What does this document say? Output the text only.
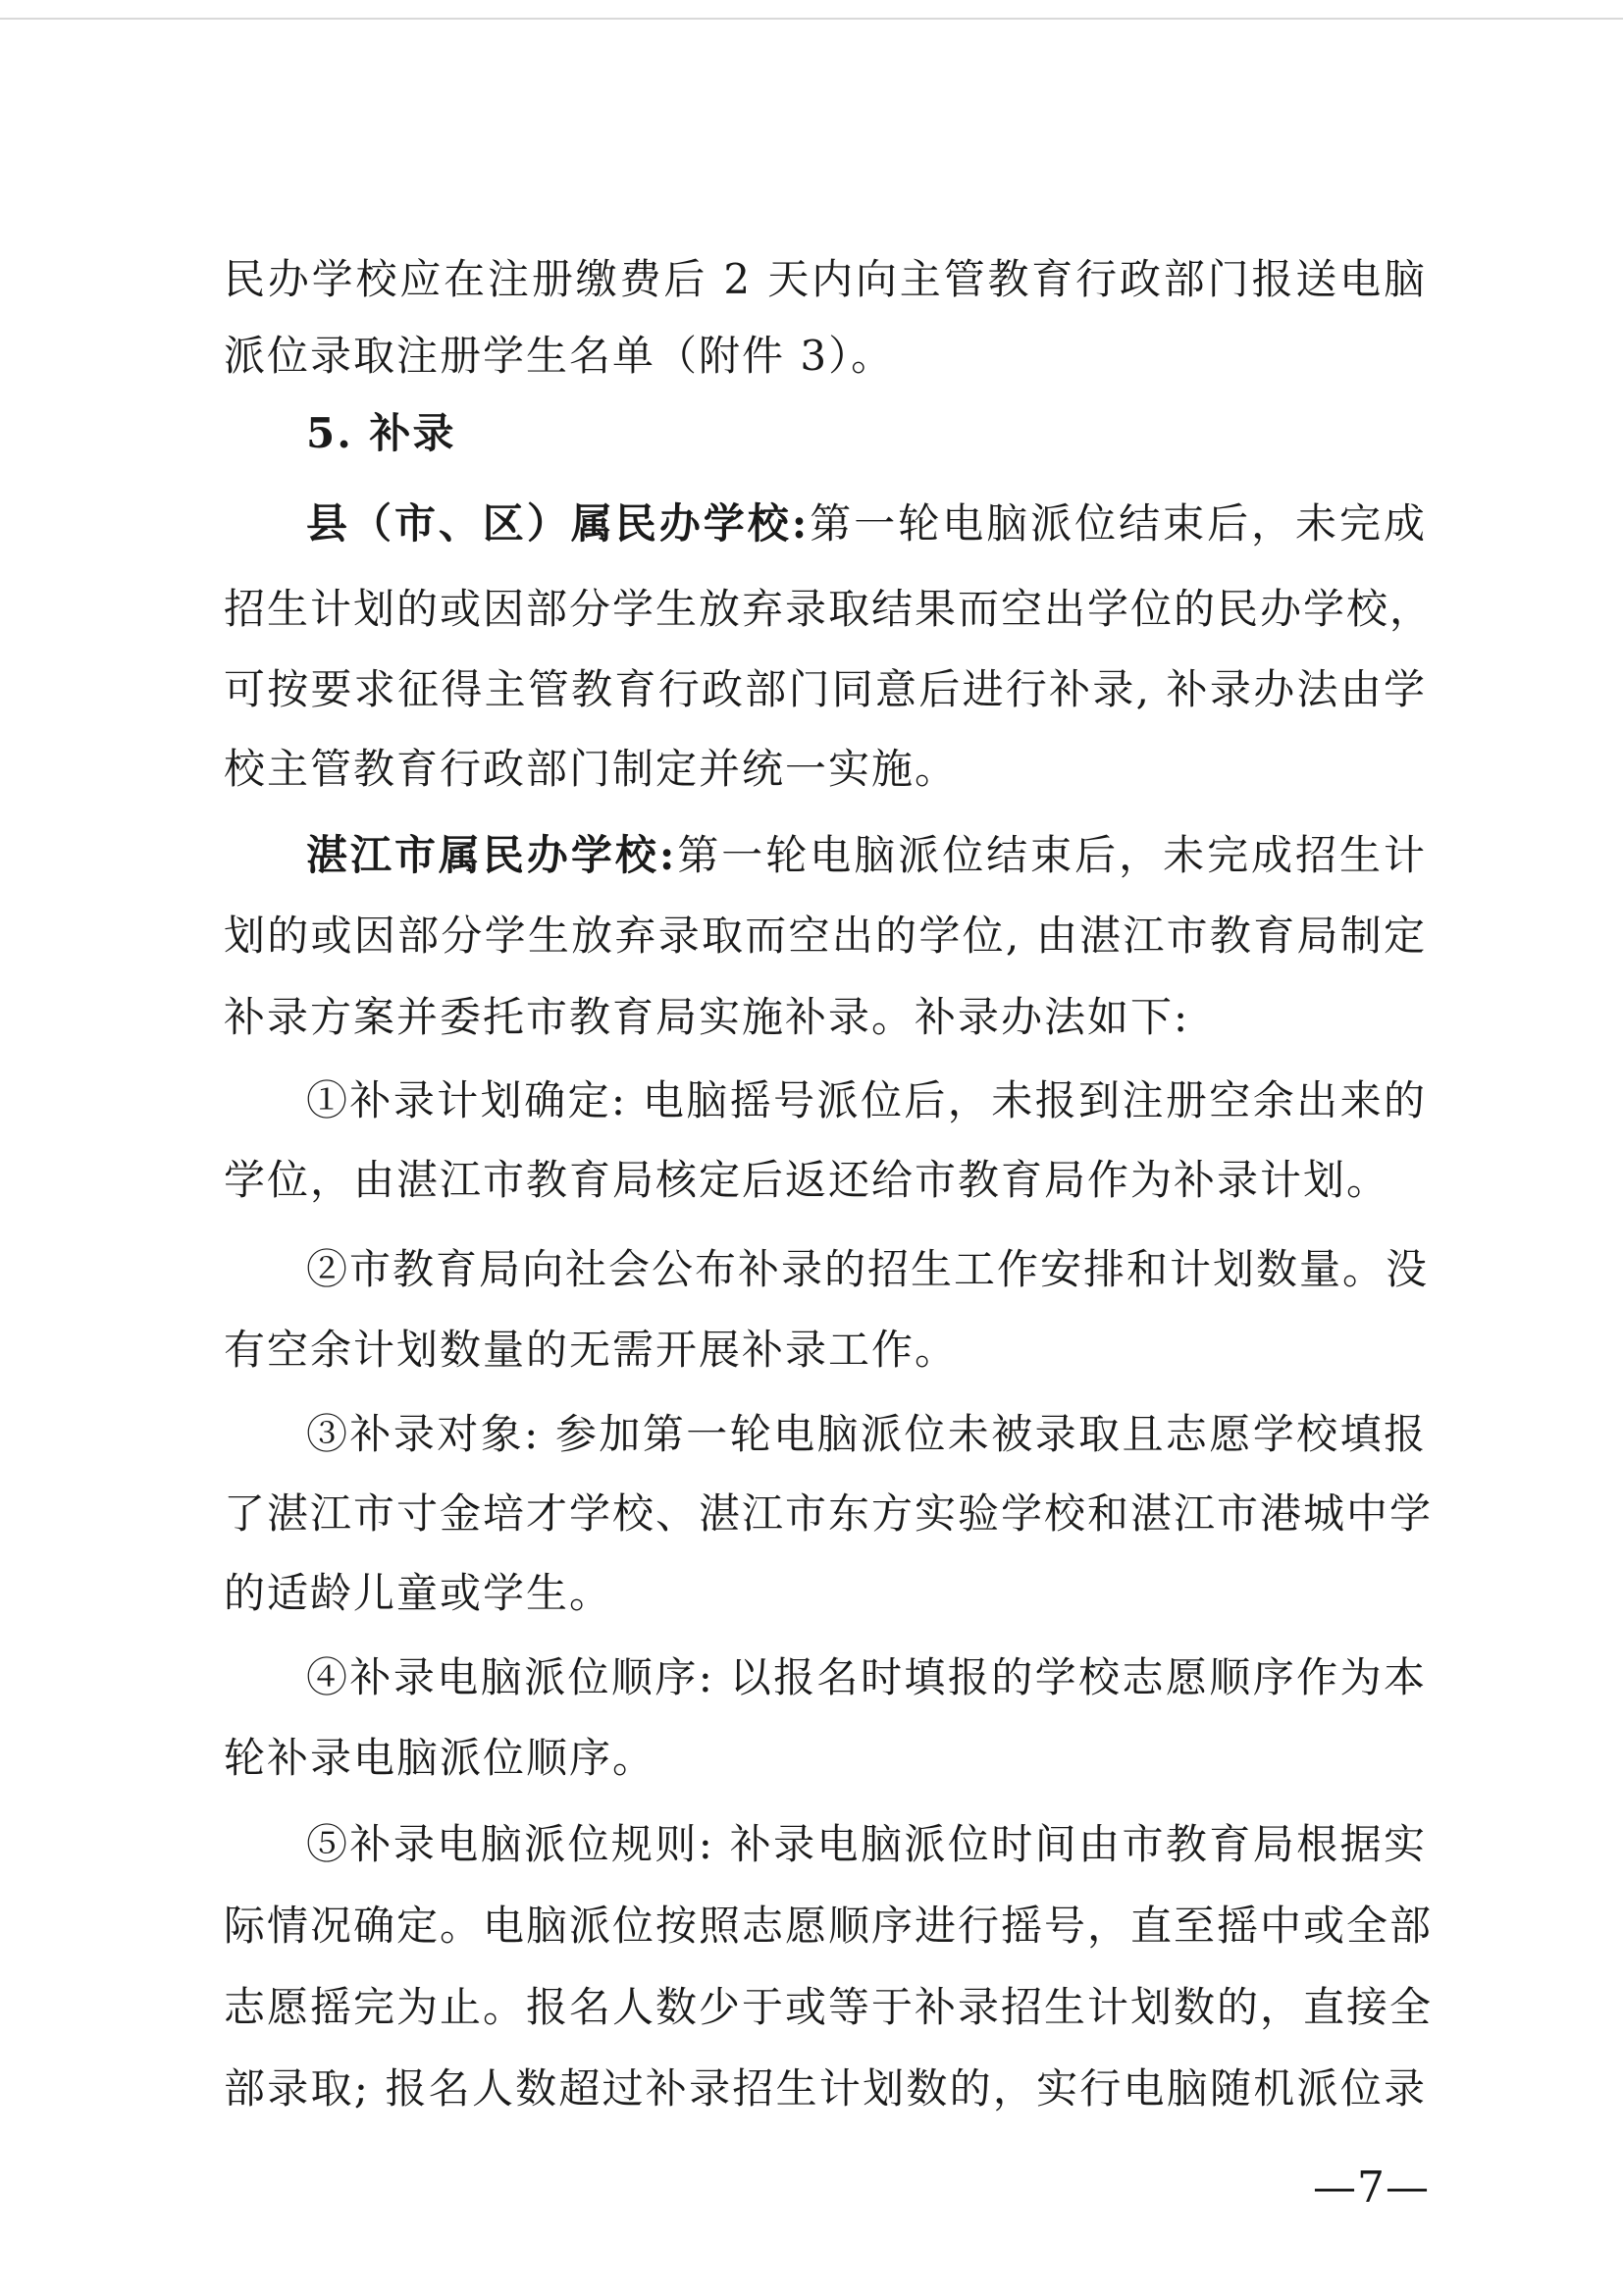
民办学校应在注册缴费后 2 天内向主管教育行政部门报送电脑
派位录取注册学生名单（附件 3）。
5. 补录
县（市、区）属民办学校:第一轮电脑派位结束后，未完成
招生计划的或因部分学生放弃录取结果而空出学位的民办学校，
可按要求征得主管教育行政部门同意后进行补录, 补录办法由学
校主管教育行政部门制定并统一实施。
湛江市属民办学校:第一轮电脑派位结束后，未完成招生计
划的或因部分学生放弃录取而空出的学位, 由湛江市教育局制定
补录方案并委托市教育局实施补录。补录办法如下:
①补录计划确定: 电脑摇号派位后，未报到注册空余出来的
学位，由湛江市教育局核定后返还给市教育局作为补录计划。
②市教育局向社会公布补录的招生工作安排和计划数量。没
有空余计划数量的无需开展补录工作。
③补录对象: 参加第一轮电脑派位未被录取且志愿学校填报
了湛江市寸金培才学校、湛江市东方实验学校和湛江市港城中学
的适龄儿童或学生。
④补录电脑派位顺序: 以报名时填报的学校志愿顺序作为本
轮补录电脑派位顺序。
⑤补录电脑派位规则: 补录电脑派位时间由市教育局根据实
际情况确定。电脑派位按照志愿顺序进行摇号，直至摇中或全部
志愿摇完为止。报名人数少于或等于补录招生计划数的，直接全
部录取; 报名人数超过补录招生计划数的，实行电脑随机派位录
—7—
